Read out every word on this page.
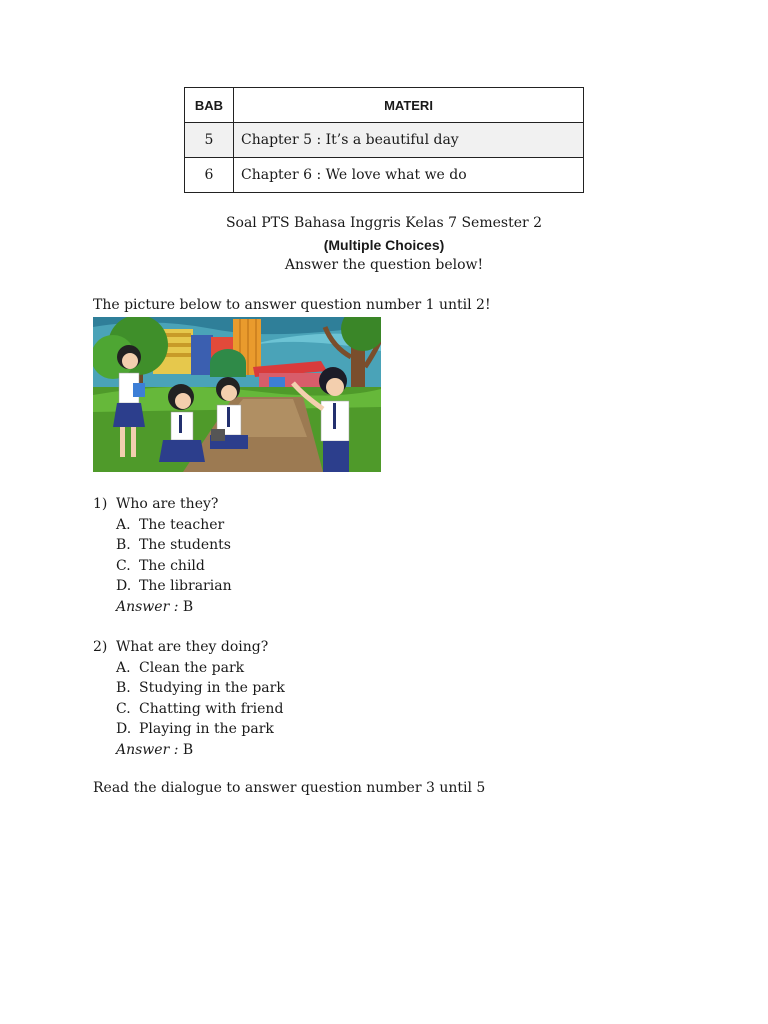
BAB	MATERI
5	Chapter 5 : It’s a beautiful day
6	Chapter 6 : We love what we do
Soal PTS Bahasa Inggris Kelas 7 Semester 2
(Multiple Choices)
Answer the question below!
The picture below to answer question number 1 until 2!
1) Who are they?
A. The teacher
B. The students
C. The child
D. The librarian
Answer : B
2) What are they doing?
A. Clean the park
B. Studying in the park
C. Chatting with friend
D. Playing in the park
Answer : B
Read the dialogue to answer question number 3 until 5
